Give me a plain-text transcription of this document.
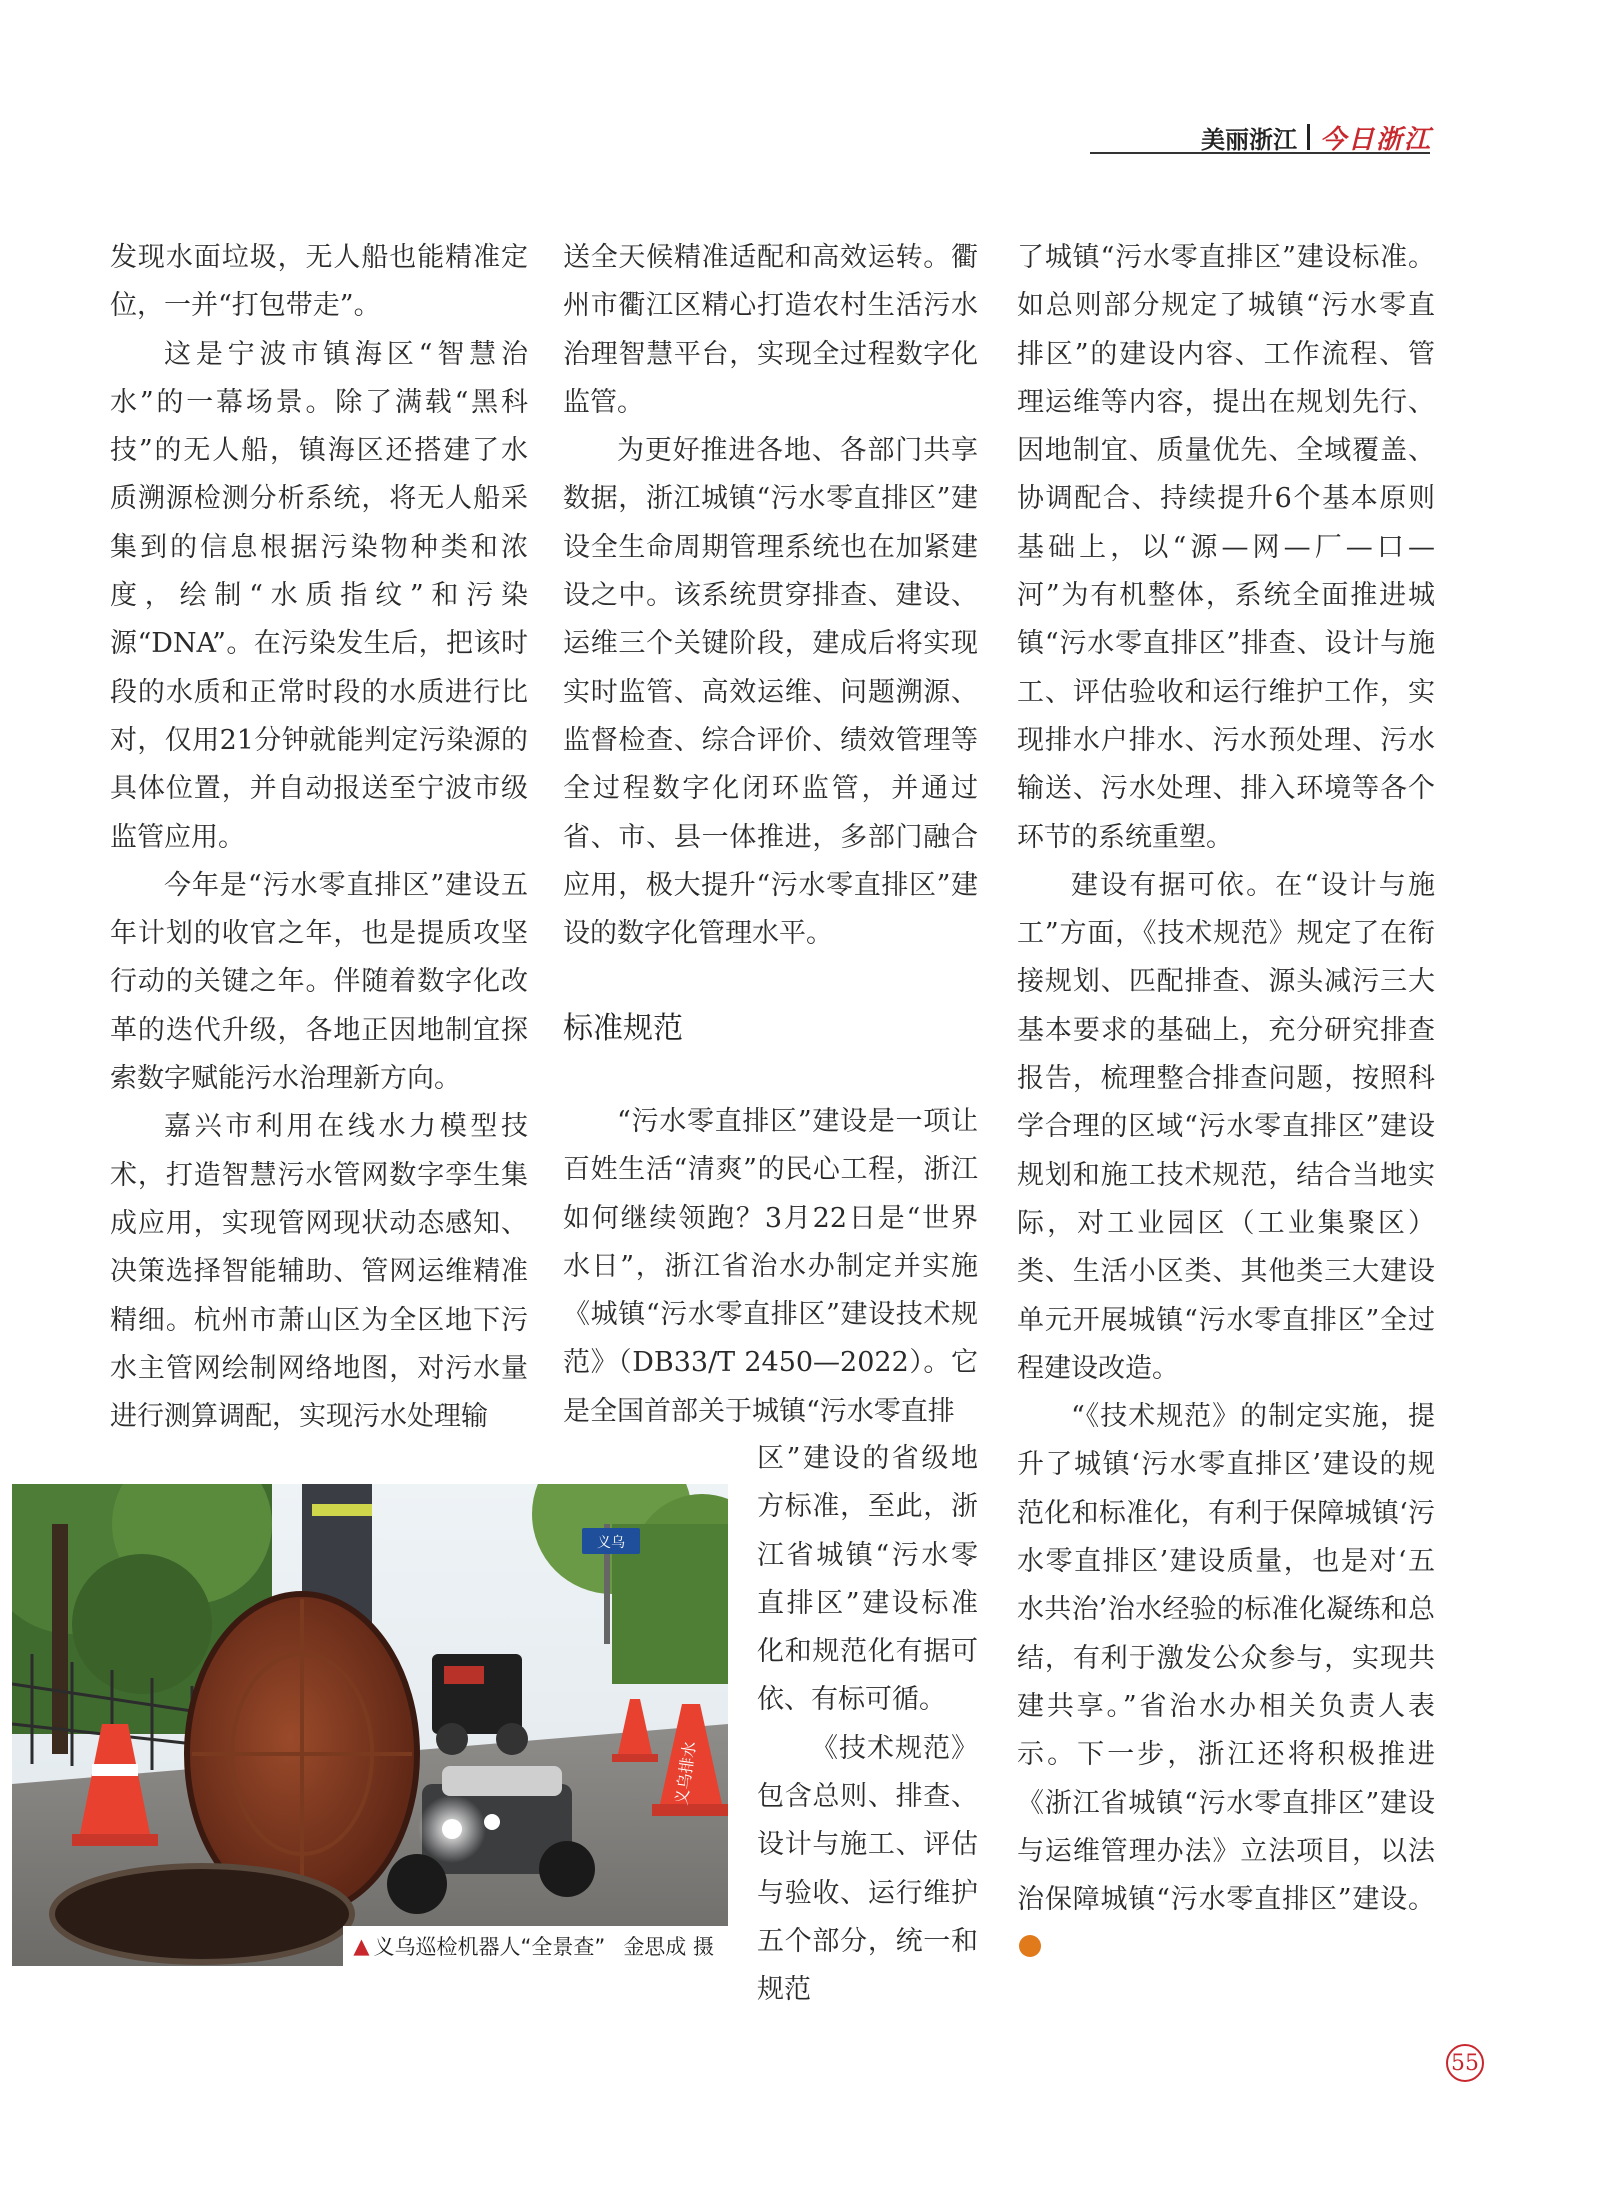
美丽浙江 今日浙江

发现水面垃圾，无人船也能精准定位，一并“打包带走”。

这是宁波市镇海区“智慧治水”的一幕场景。除了满载“黑科技”的无人船，镇海区还搭建了水质溯源检测分析系统，将无人船采集到的信息根据污染物种类和浓度，绘制“水质指纹”和污染源“DNA”。在污染发生后，把该时段的水质和正常时段的水质进行比对，仅用21分钟就能判定污染源的具体位置，并自动报送至宁波市级监管应用。

今年是“污水零直排区”建设五年计划的收官之年，也是提质攻坚行动的关键之年。伴随着数字化改革的迭代升级，各地正因地制宜探索数字赋能污水治理新方向。

嘉兴市利用在线水力模型技术，打造智慧污水管网数字孪生集成应用，实现管网现状动态感知、决策选择智能辅助、管网运维精准精细。杭州市萧山区为全区地下污水主管网绘制网络地图，对污水量进行测算调配，实现污水处理输

送全天候精准适配和高效运转。衢州市衢江区精心打造农村生活污水治理智慧平台，实现全过程数字化监管。

为更好推进各地、各部门共享数据，浙江城镇“污水零直排区”建设全生命周期管理系统也在加紧建设之中。该系统贯穿排查、建设、运维三个关键阶段，建成后将实现实时监管、高效运维、问题溯源、监督检查、综合评价、绩效管理等全过程数字化闭环监管，并通过省、市、县一体推进，多部门融合应用，极大提升“污水零直排区”建设的数字化管理水平。

标准规范

“污水零直排区”建设是一项让百姓生活“清爽”的民心工程，浙江如何继续领跑？3月22日是“世界水日”，浙江省治水办制定并实施《城镇“污水零直排区”建设技术规范》（DB33/T 2450—2022）。它是全国首部关于城镇“污水零直排

区”建设的省级地方标准，至此，浙江省城镇“污水零直排区”建设标准化和规范化有据可依、有标可循。

《技术规范》包含总则、排查、设计与施工、评估与验收、运行维护五个部分，统一和规范

了城镇“污水零直排区”建设标准。如总则部分规定了城镇“污水零直排区”的建设内容、工作流程、管理运维等内容，提出在规划先行、因地制宜、质量优先、全域覆盖、协调配合、持续提升6个基本原则基础上，以“源—网—厂—口—河”为有机整体，系统全面推进城镇“污水零直排区”排查、设计与施工、评估验收和运行维护工作，实现排水户排水、污水预处理、污水输送、污水处理、排入环境等各个环节的系统重塑。

建设有据可依。在“设计与施工”方面，《技术规范》规定了在衔接规划、匹配排查、源头减污三大基本要求的基础上，充分研究排查报告，梳理整合排查问题，按照科学合理的区域“污水零直排区”建设规划和施工技术规范，结合当地实际，对工业园区（工业集聚区）类、生活小区类、其他类三大建设单元开展城镇“污水零直排区”全过程建设改造。

“《技术规范》的制定实施，提升了城镇‘污水零直排区’建设的规范化和标准化，有利于保障城镇‘污水零直排区’建设质量，也是对‘五水共治’治水经验的标准化凝练和总结，有利于激发公众参与，实现共建共享。”省治水办相关负责人表示。下一步，浙江还将积极推进《浙江省城镇“污水零直排区”建设与运维管理办法》立法项目，以法治保障城镇“污水零直排区”建设。

义乌
义乌排水
▲ 义乌巡检机器人“全景查” 金思成 摄
55
